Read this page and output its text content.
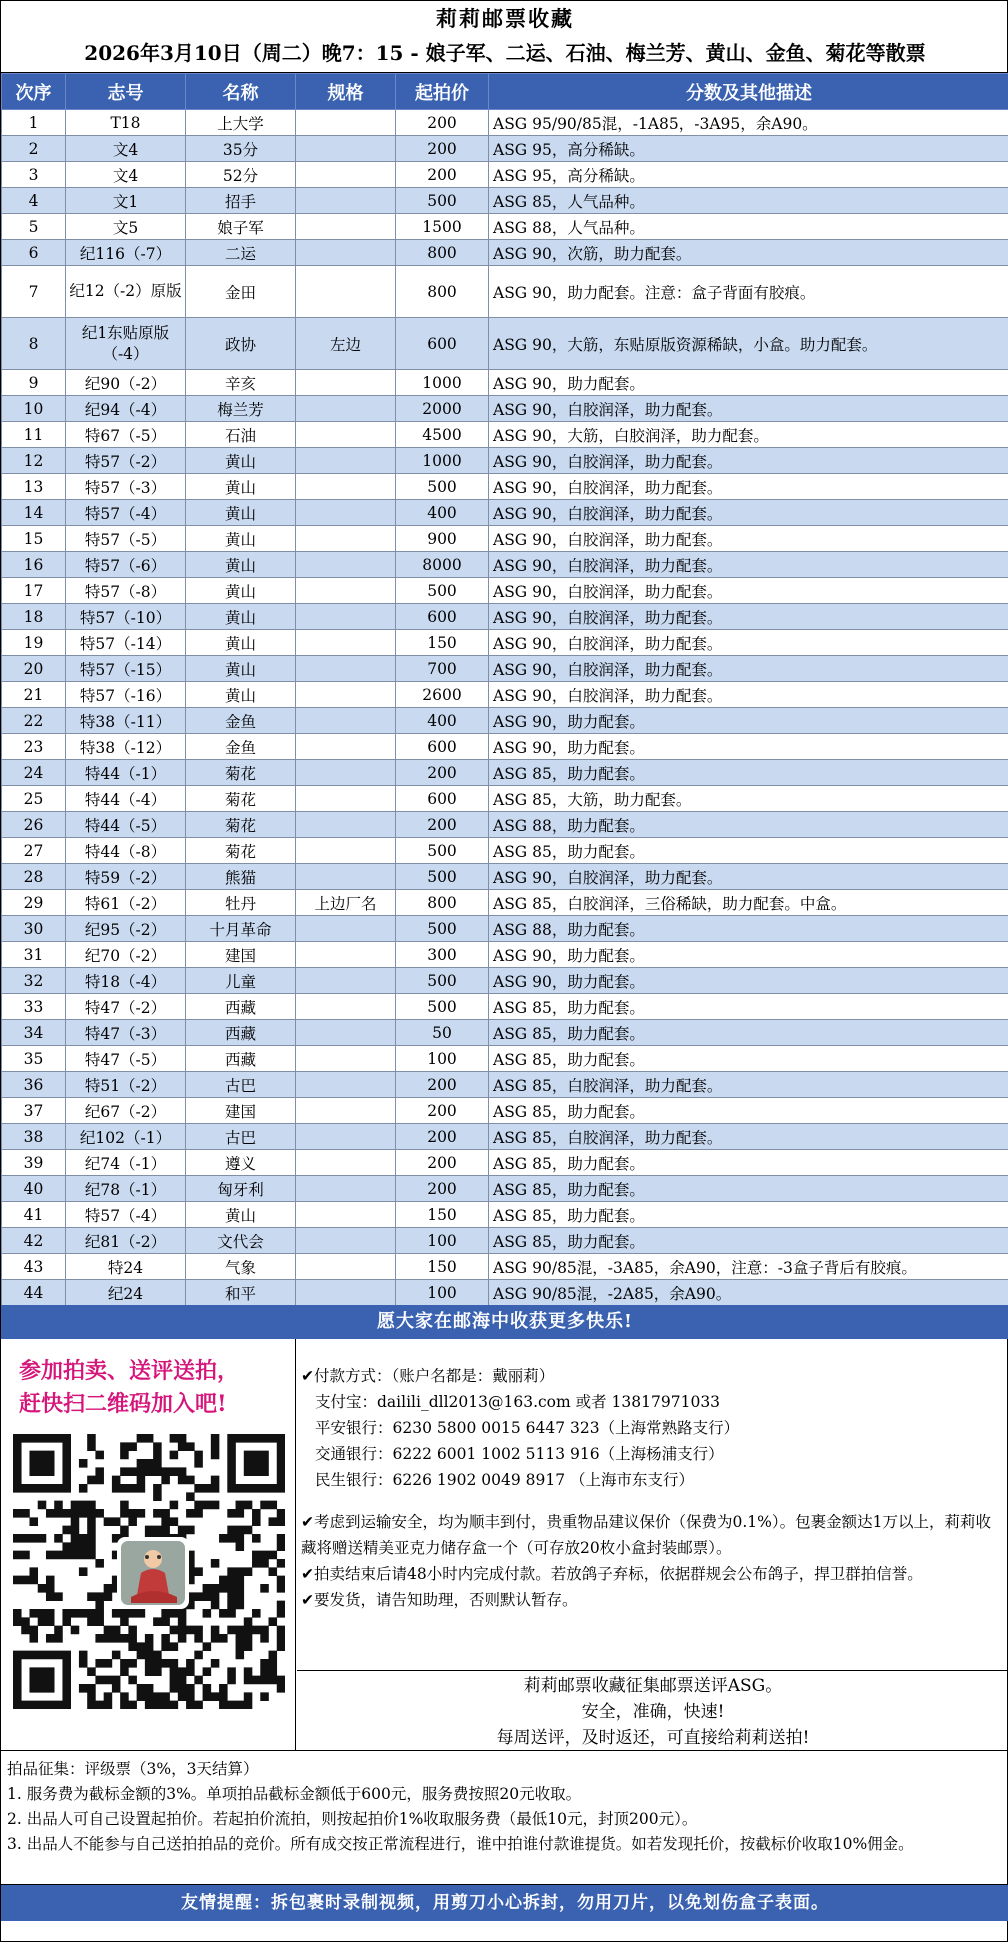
莉莉邮票收藏
2026年3月10日（周二）晚7：15 - 娘子军、二运、石油、梅兰芳、黄山、金鱼、菊花等散票
次序	志号	名称	规格	起拍价	分数及其他描述
1	T18	上大学		200	ASG 95/90/85混，-1A85，-3A95，余A90。
2	文4	35分		200	ASG 95，高分稀缺。
3	文4	52分		200	ASG 95，高分稀缺。
4	文1	招手		500	ASG 85，人气品种。
5	文5	娘子军		1500	ASG 88，人气品种。
6	纪116（-7）	二运		800	ASG 90，次筋，助力配套。
7	纪12（-2）原版	金田		800	ASG 90，助力配套。注意：盒子背面有胶痕。
8	纪1东贴原版（-4）	政协	左边	600	ASG 90，大筋，东贴原版资源稀缺，小盒。助力配套。
9	纪90（-2）	辛亥		1000	ASG 90，助力配套。
10	纪94（-4）	梅兰芳		2000	ASG 90，白胶润泽，助力配套。
11	特67（-5）	石油		4500	ASG 90，大筋，白胶润泽，助力配套。
12	特57（-2）	黄山		1000	ASG 90，白胶润泽，助力配套。
13	特57（-3）	黄山		500	ASG 90，白胶润泽，助力配套。
14	特57（-4）	黄山		400	ASG 90，白胶润泽，助力配套。
15	特57（-5）	黄山		900	ASG 90，白胶润泽，助力配套。
16	特57（-6）	黄山		8000	ASG 90，白胶润泽，助力配套。
17	特57（-8）	黄山		500	ASG 90，白胶润泽，助力配套。
18	特57（-10）	黄山		600	ASG 90，白胶润泽，助力配套。
19	特57（-14）	黄山		150	ASG 90，白胶润泽，助力配套。
20	特57（-15）	黄山		700	ASG 90，白胶润泽，助力配套。
21	特57（-16）	黄山		2600	ASG 90，白胶润泽，助力配套。
22	特38（-11）	金鱼		400	ASG 90，助力配套。
23	特38（-12）	金鱼		600	ASG 90，助力配套。
24	特44（-1）	菊花		200	ASG 85，助力配套。
25	特44（-4）	菊花		600	ASG 85，大筋，助力配套。
26	特44（-5）	菊花		200	ASG 88，助力配套。
27	特44（-8）	菊花		500	ASG 85，助力配套。
28	特59（-2）	熊猫		500	ASG 90，白胶润泽，助力配套。
29	特61（-2）	牡丹	上边厂名	800	ASG 85，白胶润泽，三俗稀缺，助力配套。中盒。
30	纪95（-2）	十月革命		500	ASG 88，助力配套。
31	纪70（-2）	建国		300	ASG 90，助力配套。
32	特18（-4）	儿童		500	ASG 90，助力配套。
33	特47（-2）	西藏		500	ASG 85，助力配套。
34	特47（-3）	西藏		50	ASG 85，助力配套。
35	特47（-5）	西藏		100	ASG 85，助力配套。
36	特51（-2）	古巴		200	ASG 85，白胶润泽，助力配套。
37	纪67（-2）	建国		200	ASG 85，助力配套。
38	纪102（-1）	古巴		200	ASG 85，白胶润泽，助力配套。
39	纪74（-1）	遵义		200	ASG 85，助力配套。
40	纪78（-1）	匈牙利		200	ASG 85，助力配套。
41	特57（-4）	黄山		150	ASG 85，助力配套。
42	纪81（-2）	文代会		100	ASG 85，助力配套。
43	特24	气象		150	ASG 90/85混，-3A85，余A90，注意：-3盒子背后有胶痕。
44	纪24	和平		100	ASG 90/85混，-2A85，余A90。
愿大家在邮海中收获更多快乐!
参加拍卖、送评送拍，
赶快扫二维码加入吧!
✔付款方式：（账户名都是：戴丽莉）
支付宝：daililі_dll2013@163.com 或者 13817971033
平安银行：6230 5800 0015 6447 323（上海常熟路支行）
交通银行：6222 6001 1002 5113 916（上海杨浦支行）
民生银行：6226 1902 0049 8917 （上海市东支行）
✔考虑到运输安全，均为顺丰到付，贵重物品建议保价（保费为0.1%）。包裹金额达1万以上，莉莉收藏将赠送精美亚克力储存盒一个（可存放20枚小盒封装邮票）。
✔拍卖结束后请48小时内完成付款。若放鸽子弃标，依据群规会公布鸽子，捍卫群拍信誉。
✔要发货，请告知助理，否则默认暂存。
莉莉邮票收藏征集邮票送评ASG。
安全，准确，快速!
每周送评，及时返还，可直接给莉莉送拍!
拍品征集：评级票（3%，3天结算）
1. 服务费为截标金额的3%。单项拍品截标金额低于600元，服务费按照20元收取。
2. 出品人可自己设置起拍价。若起拍价流拍，则按起拍价1%收取服务费（最低10元，封顶200元）。
3. 出品人不能参与自己送拍拍品的竞价。所有成交按正常流程进行，谁中拍谁付款谁提货。如若发现托价，按截标价收取10%佣金。
友情提醒：拆包裹时录制视频，用剪刀小心拆封，勿用刀片，以免划伤盒子表面。
